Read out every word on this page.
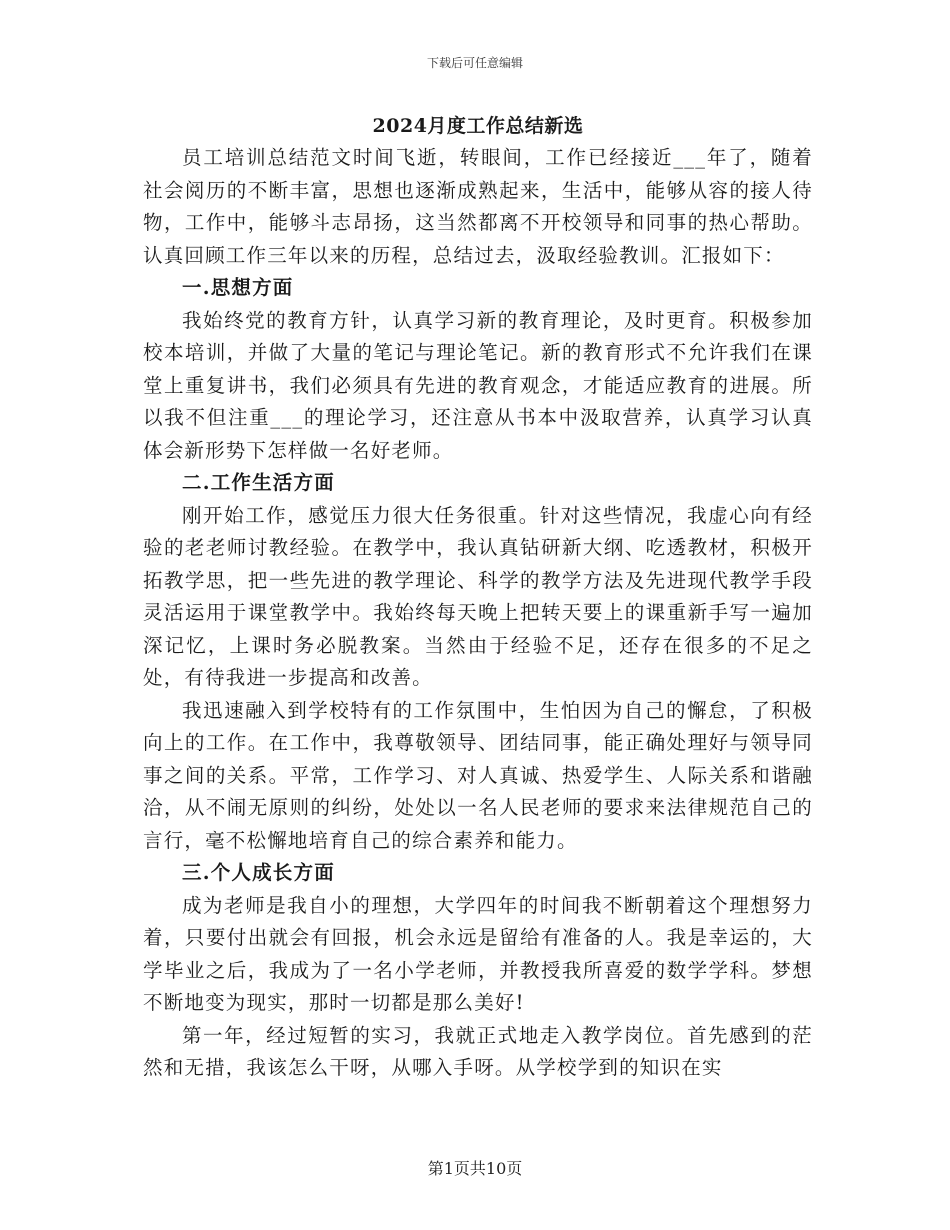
下载后可任意编辑
2024月度工作总结新选

员工培训总结范文时间飞逝，转眼间，工作已经接近___年了，随着社会阅历的不断丰富，思想也逐渐成熟起来，生活中，能够从容的接人待物，工作中，能够斗志昂扬，这当然都离不开校领导和同事的热心帮助。认真回顾工作三年以来的历程，总结过去，汲取经验教训。汇报如下：

一.思想方面

我始终党的教育方针，认真学习新的教育理论，及时更育。积极参加校本培训，并做了大量的笔记与理论笔记。新的教育形式不允许我们在课堂上重复讲书，我们必须具有先进的教育观念，才能适应教育的进展。所以我不但注重___的理论学习，还注意从书本中汲取营养，认真学习认真体会新形势下怎样做一名好老师。

二.工作生活方面

刚开始工作，感觉压力很大任务很重。针对这些情况，我虚心向有经验的老老师讨教经验。在教学中，我认真钻研新大纲、吃透教材，积极开拓教学思，把一些先进的教学理论、科学的教学方法及先进现代教学手段灵活运用于课堂教学中。我始终每天晚上把转天要上的课重新手写一遍加深记忆，上课时务必脱教案。当然由于经验不足，还存在很多的不足之处，有待我进一步提高和改善。

我迅速融入到学校特有的工作氛围中，生怕因为自己的懈怠，了积极向上的工作。在工作中，我尊敬领导、团结同事，能正确处理好与领导同事之间的关系。平常，工作学习、对人真诚、热爱学生、人际关系和谐融洽，从不闹无原则的纠纷，处处以一名人民老师的要求来法律规范自己的言行，毫不松懈地培育自己的综合素养和能力。

三.个人成长方面

成为老师是我自小的理想，大学四年的时间我不断朝着这个理想努力着，只要付出就会有回报，机会永远是留给有准备的人。我是幸运的，大学毕业之后，我成为了一名小学老师，并教授我所喜爱的数学学科。梦想不断地变为现实，那时一切都是那么美好!

第一年，经过短暂的实习，我就正式地走入教学岗位。首先感到的茫然和无措，我该怎么干呀，从哪入手呀。从学校学到的知识在实

第1页共10页
